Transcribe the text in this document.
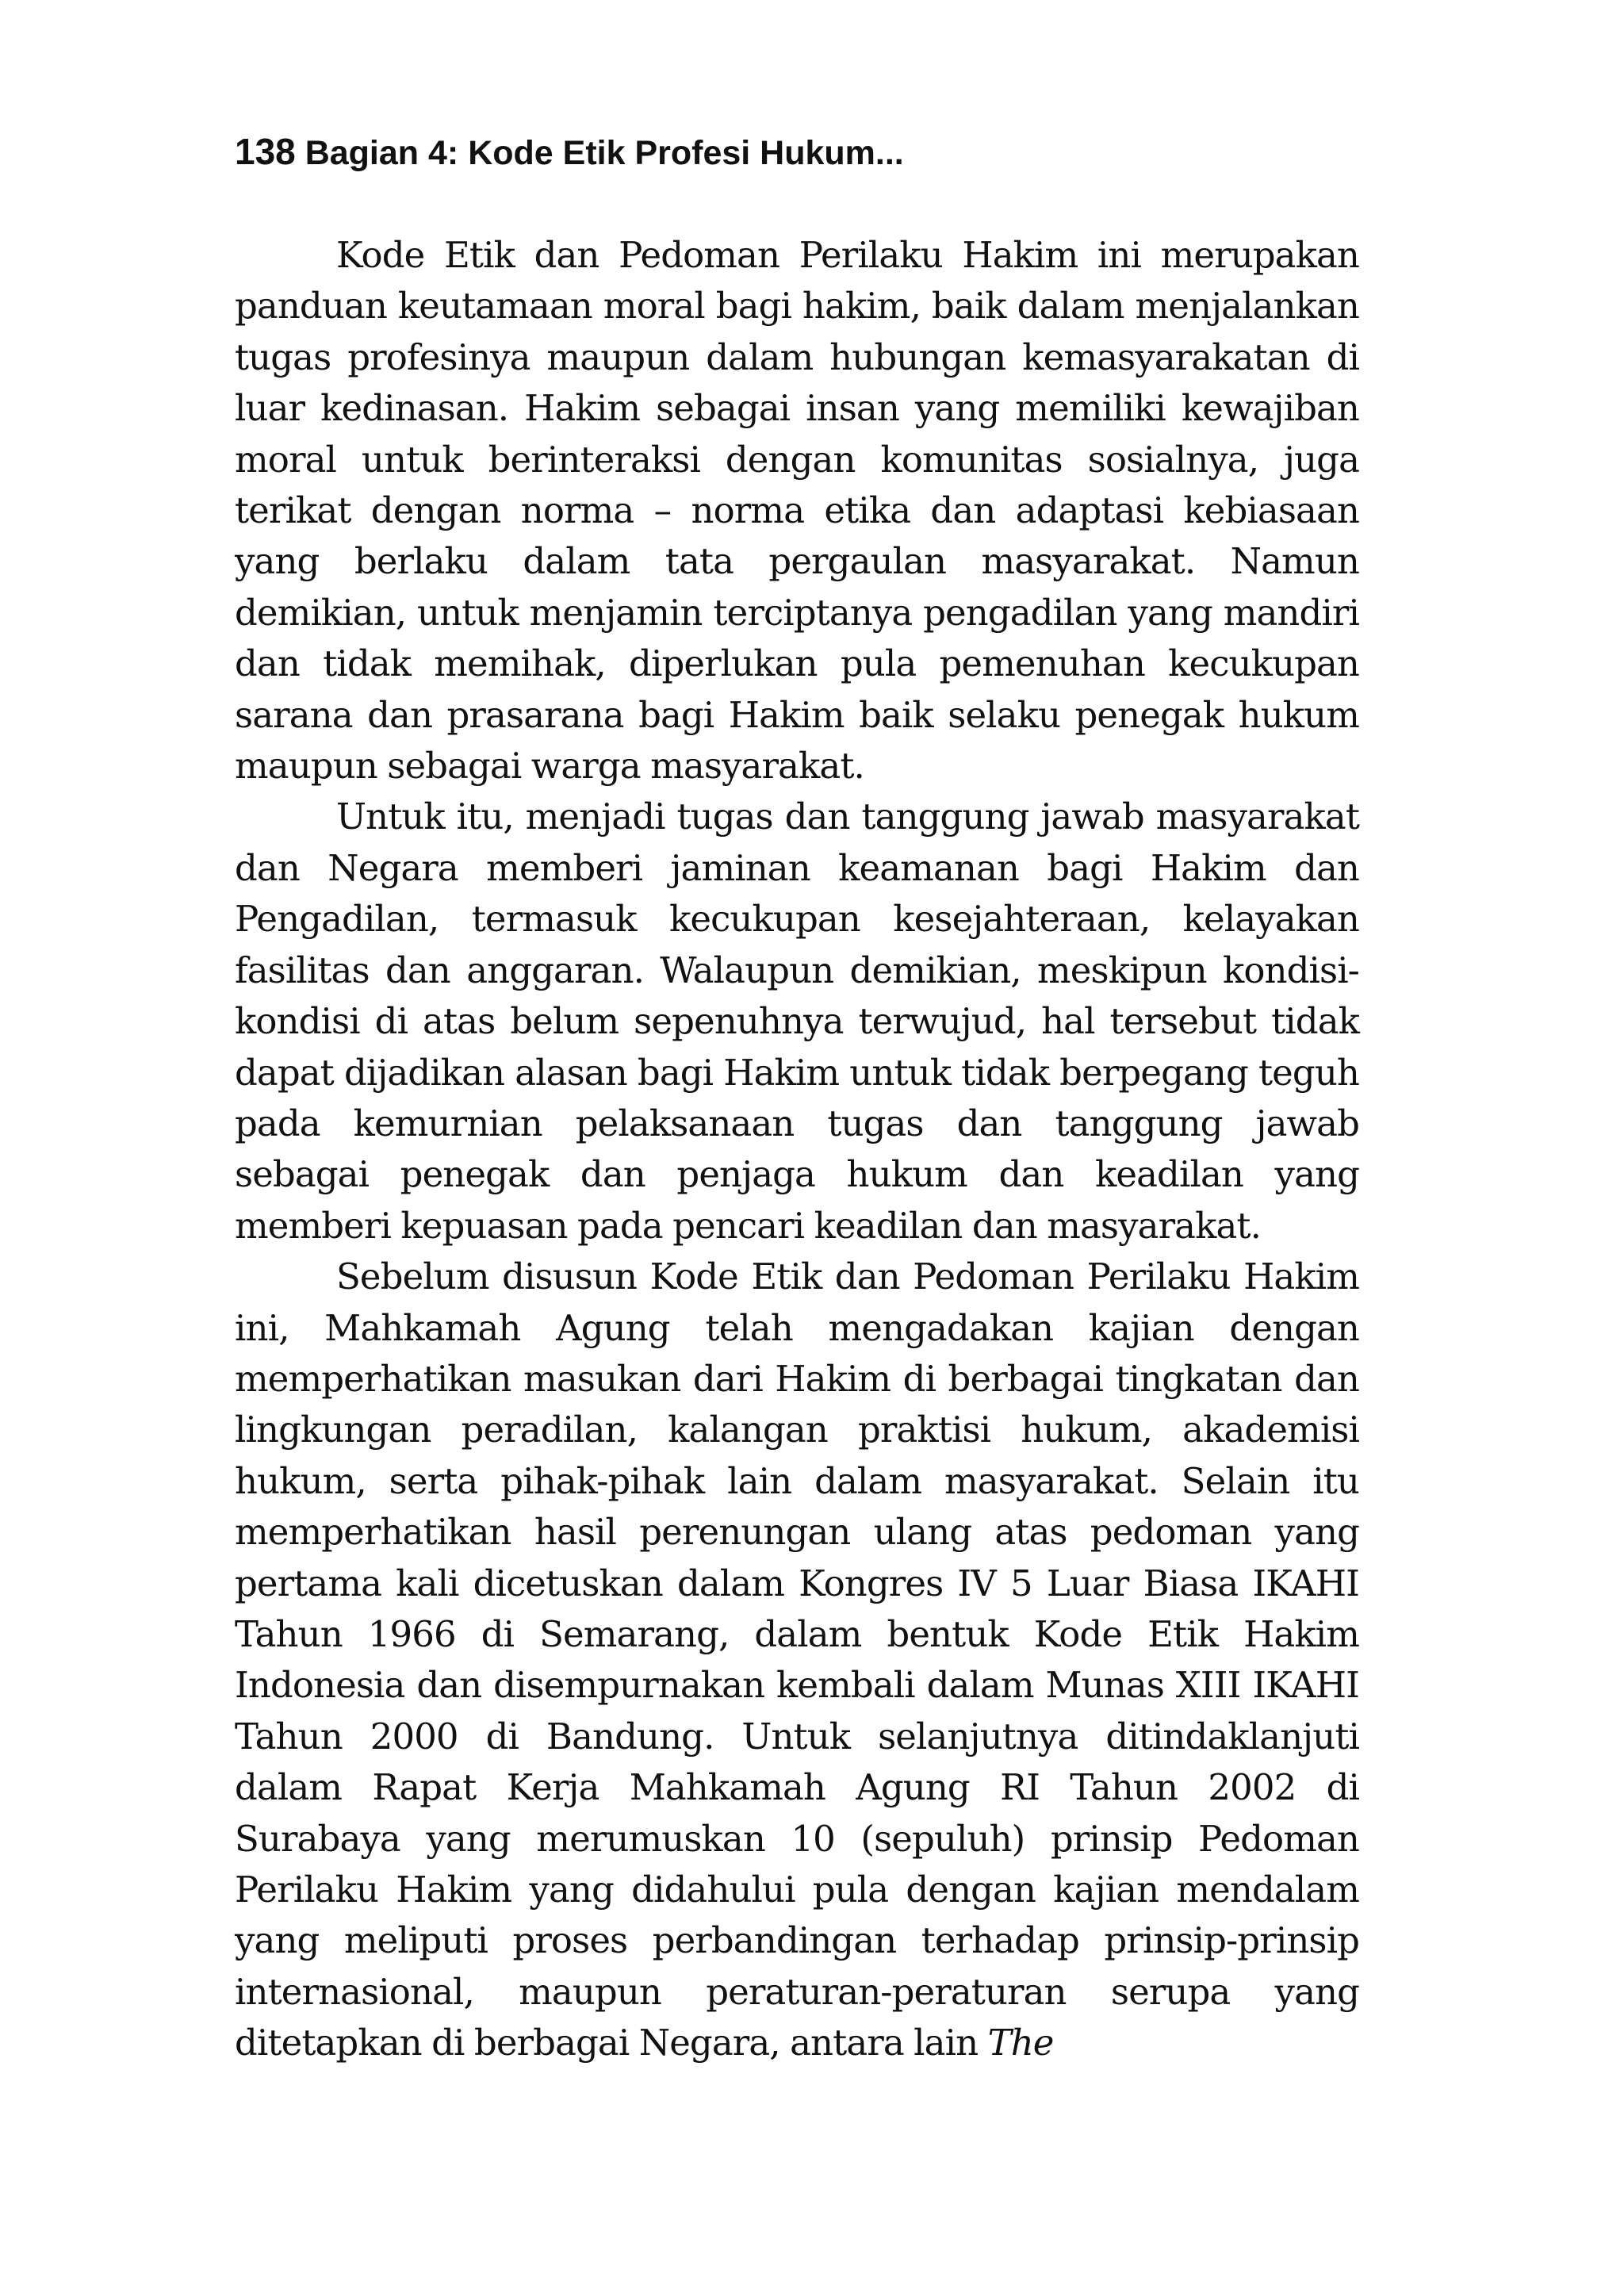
138 Bagian 4: Kode Etik Profesi Hukum...

Kode Etik dan Pedoman Perilaku Hakim ini merupakan panduan keutamaan moral bagi hakim, baik dalam menjalankan tugas profesinya maupun dalam hubungan kemasyarakatan di luar kedinasan. Hakim sebagai insan yang memiliki kewajiban moral untuk berinteraksi dengan komunitas sosialnya, juga terikat dengan norma – norma etika dan adaptasi kebiasaan yang berlaku dalam tata pergaulan masyarakat. Namun demikian, untuk menjamin terciptanya pengadilan yang mandiri dan tidak memihak, diperlukan pula pemenuhan kecukupan sarana dan prasarana bagi Hakim baik selaku penegak hukum maupun sebagai warga masyarakat.

Untuk itu, menjadi tugas dan tanggung jawab masyarakat dan Negara memberi jaminan keamanan bagi Hakim dan Pengadilan, termasuk kecukupan kesejahteraan, kelayakan fasilitas dan anggaran. Walaupun demikian, meskipun kondisi-kondisi di atas belum sepenuhnya terwujud, hal tersebut tidak dapat dijadikan alasan bagi Hakim untuk tidak berpegang teguh pada kemurnian pelaksanaan tugas dan tanggung jawab sebagai penegak dan penjaga hukum dan keadilan yang memberi kepuasan pada pencari keadilan dan masyarakat.

Sebelum disusun Kode Etik dan Pedoman Perilaku Hakim ini, Mahkamah Agung telah mengadakan kajian dengan memperhatikan masukan dari Hakim di berbagai tingkatan dan lingkungan peradilan, kalangan praktisi hukum, akademisi hukum, serta pihak-pihak lain dalam masyarakat. Selain itu memperhatikan hasil perenungan ulang atas pedoman yang pertama kali dicetuskan dalam Kongres IV 5 Luar Biasa IKAHI Tahun 1966 di Semarang, dalam bentuk Kode Etik Hakim Indonesia dan disempurnakan kembali dalam Munas XIII IKAHI Tahun 2000 di Bandung. Untuk selanjutnya ditindaklanjuti dalam Rapat Kerja Mahkamah Agung RI Tahun 2002 di Surabaya yang merumuskan 10 (sepuluh) prinsip Pedoman Perilaku Hakim yang didahului pula dengan kajian mendalam yang meliputi proses perbandingan terhadap prinsip-prinsip internasional, maupun peraturan-peraturan serupa yang ditetapkan di berbagai Negara, antara lain The
